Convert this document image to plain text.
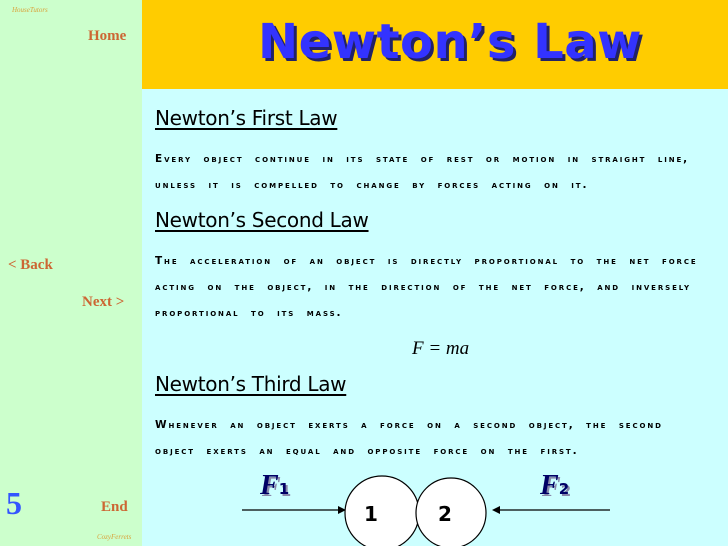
HouseTutors
Home
< Back
Next >
End
5
CozyFerrets
Newton’s Law
Newton’s First Law
Every object continue in its state of rest or motion in straight line, unless it is compelled to change by forces acting on it.
Newton’s Second Law
The acceleration of an object is directly proportional to the net force acting on the object, in the direction of the net force, and inversely proportional to its mass.
F = ma
Newton’s Third Law
Whenever an object exerts a force on a second object, the second object exerts an equal and opposite force on the first.
F1	F2
1	2
